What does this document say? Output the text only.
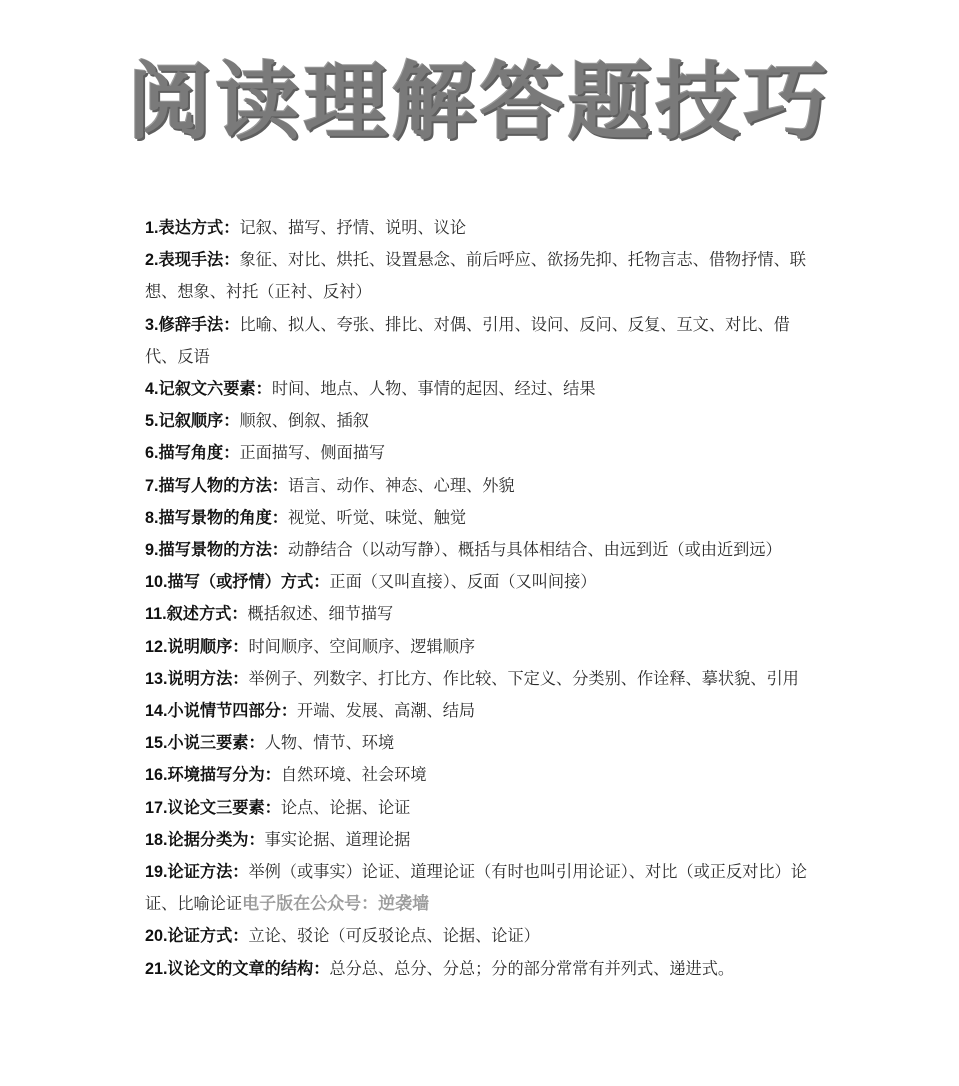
阅读理解答题技巧

1.表达方式：记叙、描写、抒情、说明、议论

2.表现手法：象征、对比、烘托、设置悬念、前后呼应、欲扬先抑、托物言志、借物抒情、联想、想象、衬托（正衬、反衬）

3.修辞手法：比喻、拟人、夸张、排比、对偶、引用、设问、反问、反复、互文、对比、借代、反语

4.记叙文六要素：时间、地点、人物、事情的起因、经过、结果

5.记叙顺序：顺叙、倒叙、插叙

6.描写角度：正面描写、侧面描写

7.描写人物的方法：语言、动作、神态、心理、外貌

8.描写景物的角度：视觉、听觉、味觉、触觉

9.描写景物的方法：动静结合（以动写静）、概括与具体相结合、由远到近（或由近到远）

10.描写（或抒情）方式：正面（又叫直接）、反面（又叫间接）

11.叙述方式：概括叙述、细节描写

12.说明顺序：时间顺序、空间顺序、逻辑顺序

13.说明方法：举例子、列数字、打比方、作比较、下定义、分类别、作诠释、摹状貌、引用

14.小说情节四部分：开端、发展、高潮、结局

15.小说三要素：人物、情节、环境

16.环境描写分为：自然环境、社会环境

17.议论文三要素：论点、论据、论证

18.论据分类为：事实论据、道理论据

19.论证方法：举例（或事实）论证、道理论证（有时也叫引用论证）、对比（或正反对比）论证、比喻论证电子版在公众号：逆袭墙

20.论证方式：立论、驳论（可反驳论点、论据、论证）

21.议论文的文章的结构：总分总、总分、分总；分的部分常常有并列式、递进式。
